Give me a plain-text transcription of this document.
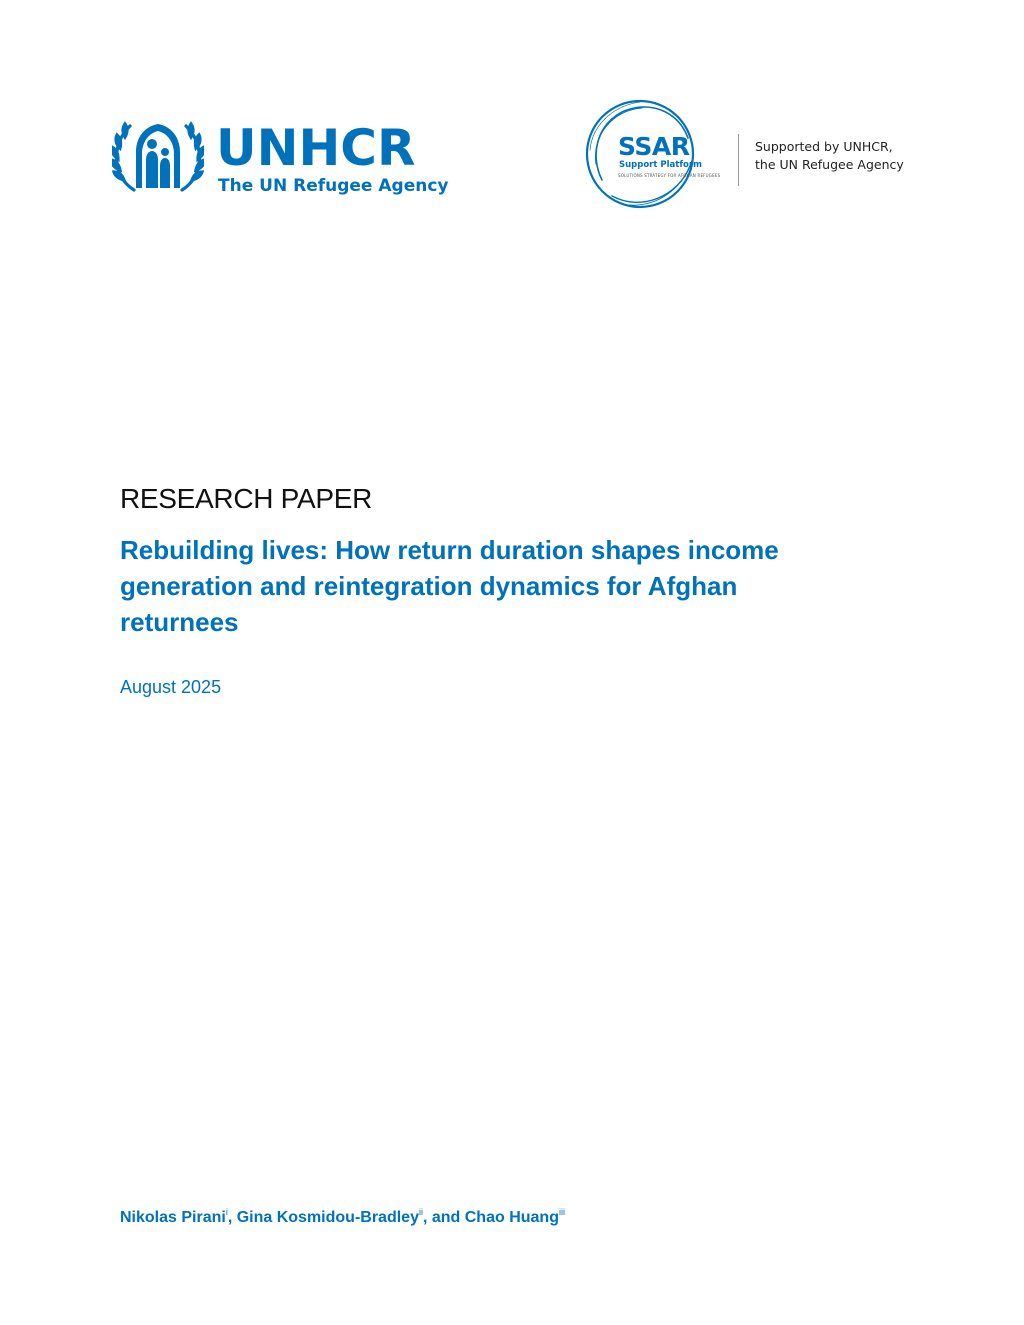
UNHCR
The UN Refugee Agency
SSAR
Support Platform
SOLUTIONS STRATEGY FOR AFGHAN REFUGEES
Supported by UNHCR,
the UN Refugee Agency
RESEARCH PAPER
Rebuilding lives: How return duration shapes income generation and reintegration dynamics for Afghan returnees
August 2025
Nikolas Pirani$^i$, Gina Kosmidou-Bradley$^{ii}$, and Chao Huang$^{iii}$
